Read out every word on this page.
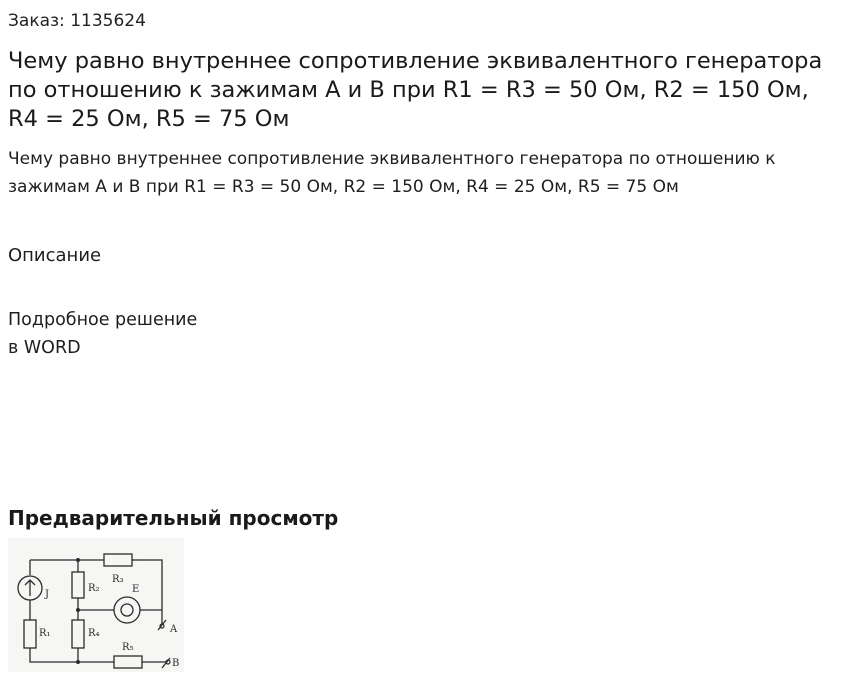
Заказ: 1135624
Чему равно внутреннее сопротивление эквивалентного генератора по отношению к зажимам A и B при R1 = R3 = 50 Ом, R2 = 150 Ом, R4 = 25 Ом, R5 = 75 Ом

Чему равно внутреннее сопротивление эквивалентного генератора по отношению к зажимам A и B при R1 = R3 = 50 Ом, R2 = 150 Ом, R4 = 25 Ом, R5 = 75 Ом

Описание
Подробное решение
в WORD
Предварительный просмотр
R₃
R₂
J	E
R₁	R₄	A
R₅
B
